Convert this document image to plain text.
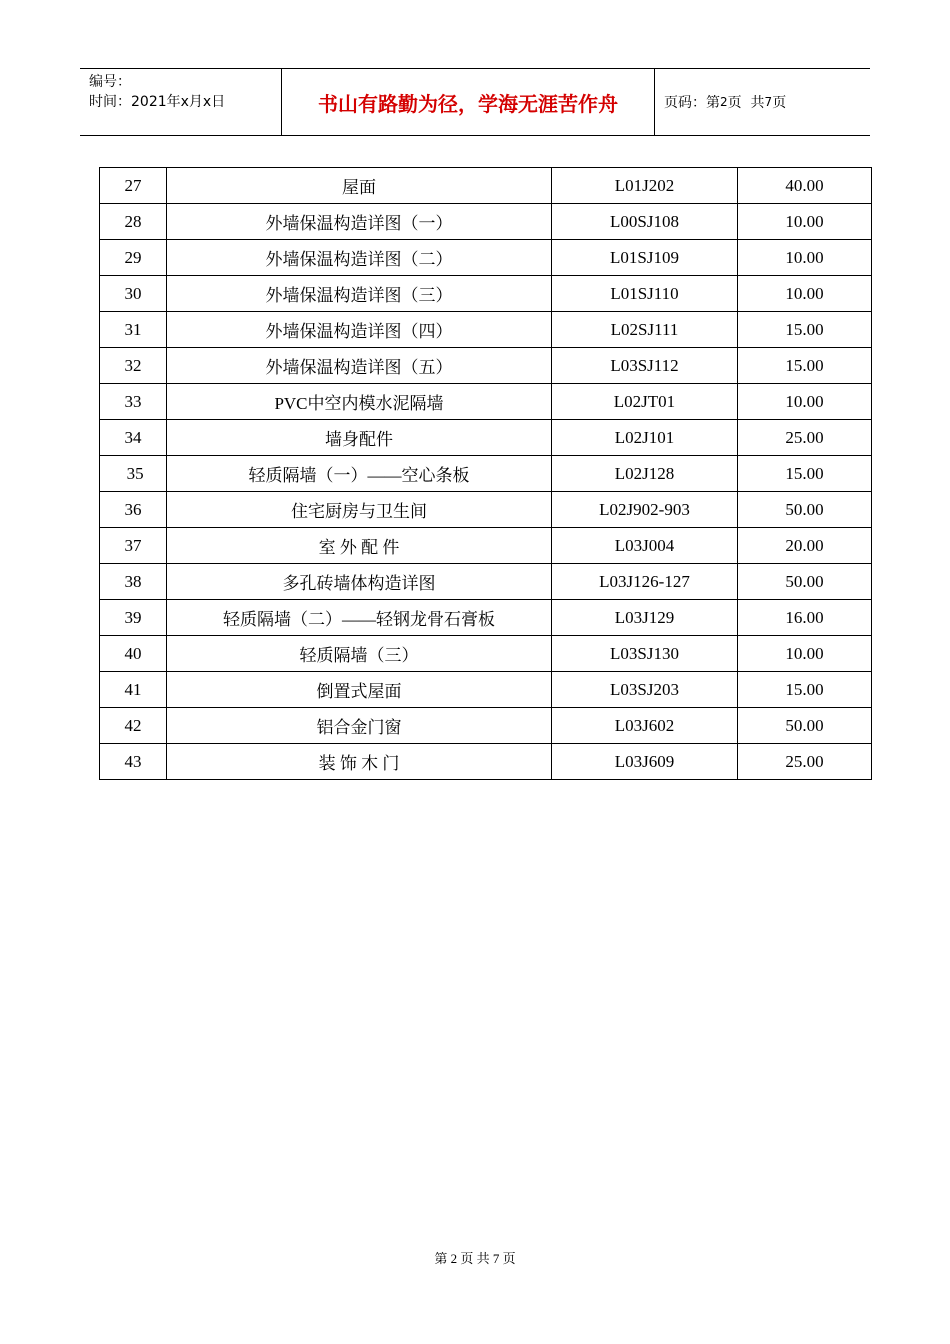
编号：
时间：2021年x月x日	书山有路勤为径，学海无涯苦作舟	页码：第 2 页  共 7 页
27	屋面	L01J202	40.00
28	外墙保温构造详图（一）	L00SJ108	10.00
29	外墙保温构造详图（二）	L01SJ109	10.00
30	外墙保温构造详图（三）	L01SJ110	10.00
31	外墙保温构造详图（四）	L02SJ111	15.00
32	外墙保温构造详图（五）	L03SJ112	15.00
33	PVC中空内模水泥隔墙	L02JT01	10.00
34	墙身配件	L02J101	25.00
35	轻质隔墙（一）——空心条板	L02J128	15.00
36	住宅厨房与卫生间	L02J902-903	50.00
37	室 外 配 件	L03J004	20.00
38	多孔砖墙体构造详图	L03J126-127	50.00
39	轻质隔墙（二）——轻钢龙骨石膏板	L03J129	16.00
40	轻质隔墙（三）	L03SJ130	10.00
41	倒置式屋面	L03SJ203	15.00
42	铝合金门窗	L03J602	50.00
43	装 饰 木 门	L03J609	25.00
第 2 页 共 7 页
